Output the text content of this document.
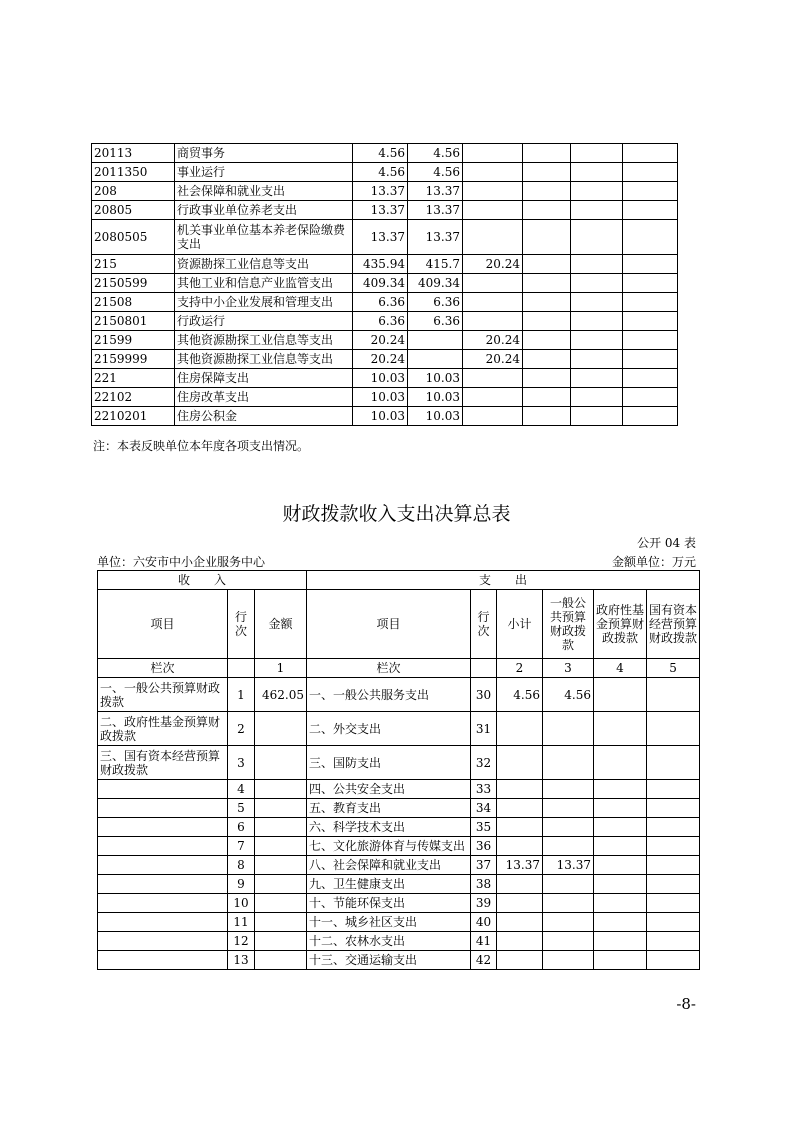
20113	商贸事务	4.56	4.56				
2011350	事业运行	4.56	4.56				
208	社会保障和就业支出	13.37	13.37				
20805	行政事业单位养老支出	13.37	13.37				
2080505	机关事业单位基本养老保险缴费支出	13.37	13.37				
215	资源勘探工业信息等支出	435.94	415.7	20.24			
2150599	其他工业和信息产业监管支出	409.34	409.34				
21508	支持中小企业发展和管理支出	6.36	6.36				
2150801	行政运行	6.36	6.36				
21599	其他资源勘探工业信息等支出	20.24		20.24			
2159999	其他资源勘探工业信息等支出	20.24		20.24			
221	住房保障支出	10.03	10.03				
22102	住房改革支出	10.03	10.03				
2210201	住房公积金	10.03	10.03				
注：本表反映单位本年度各项支出情况。
财政拨款收入支出决算总表
公开 04 表
单位：六安市中小企业服务中心	金额单位：万元
收　　入			支　　出					
项目	行次	金额	项目	行次	小计	一般公共预算财政拨款	政府性基金预算财政拨款	国有资本经营预算财政拨款
栏次		1	栏次		2	3	4	5
一、一般公共预算财政拨款	1	462.05	一、一般公共服务支出	30	4.56	4.56		
二、政府性基金预算财政拨款	2		二、外交支出	31				
三、国有资本经营预算财政拨款	3		三、国防支出	32				
	4		四、公共安全支出	33				
	5		五、教育支出	34				
	6		六、科学技术支出	35				
	7		七、文化旅游体育与传媒支出	36				
	8		八、社会保障和就业支出	37	13.37	13.37		
	9		九、卫生健康支出	38				
	10		十、节能环保支出	39				
	11		十一、城乡社区支出	40				
	12		十二、农林水支出	41				
	13		十三、交通运输支出	42				
-8-
